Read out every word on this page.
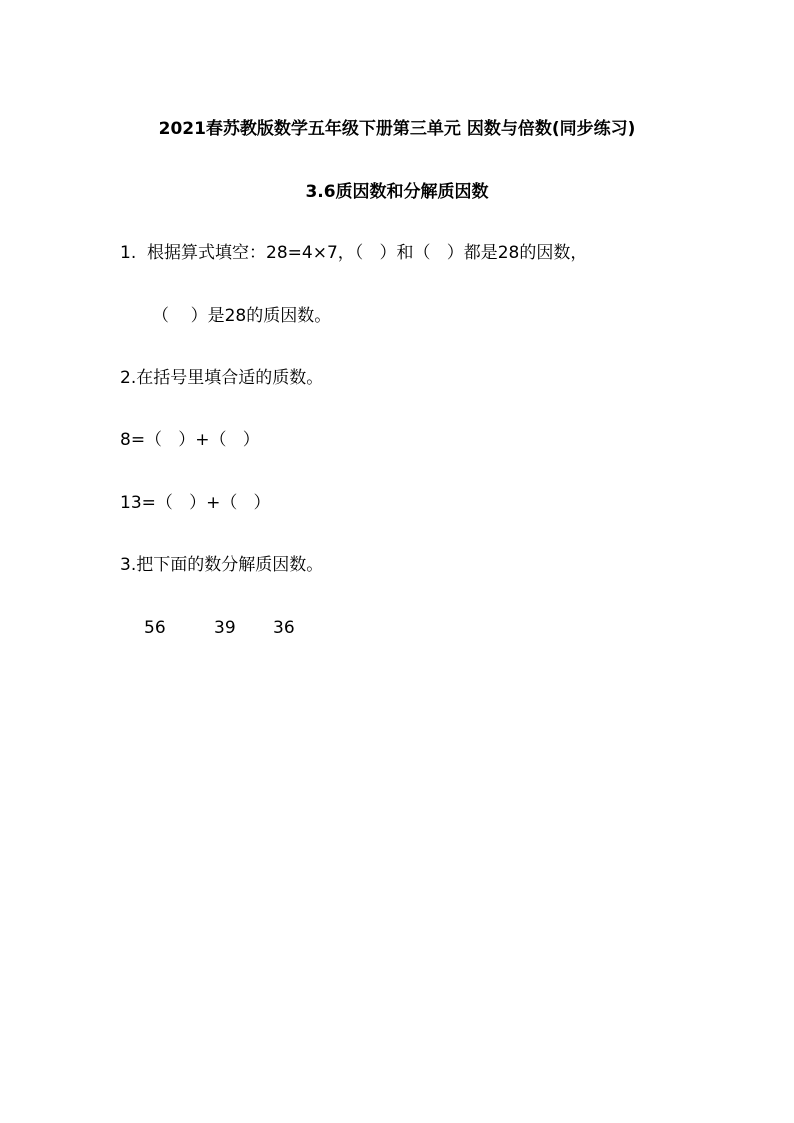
2021春苏教版数学五年级下册第三单元 因数与倍数(同步练习)
3.6质因数和分解质因数
1.  根据算式填空：28=4×7，（   ）和（   ）都是28的因数，
（    ）是28的质因数。
2.在括号里填合适的质数。
8=（   ）+（   ）
13=（   ）+（   ）
3.把下面的数分解质因数。
56	39 36
